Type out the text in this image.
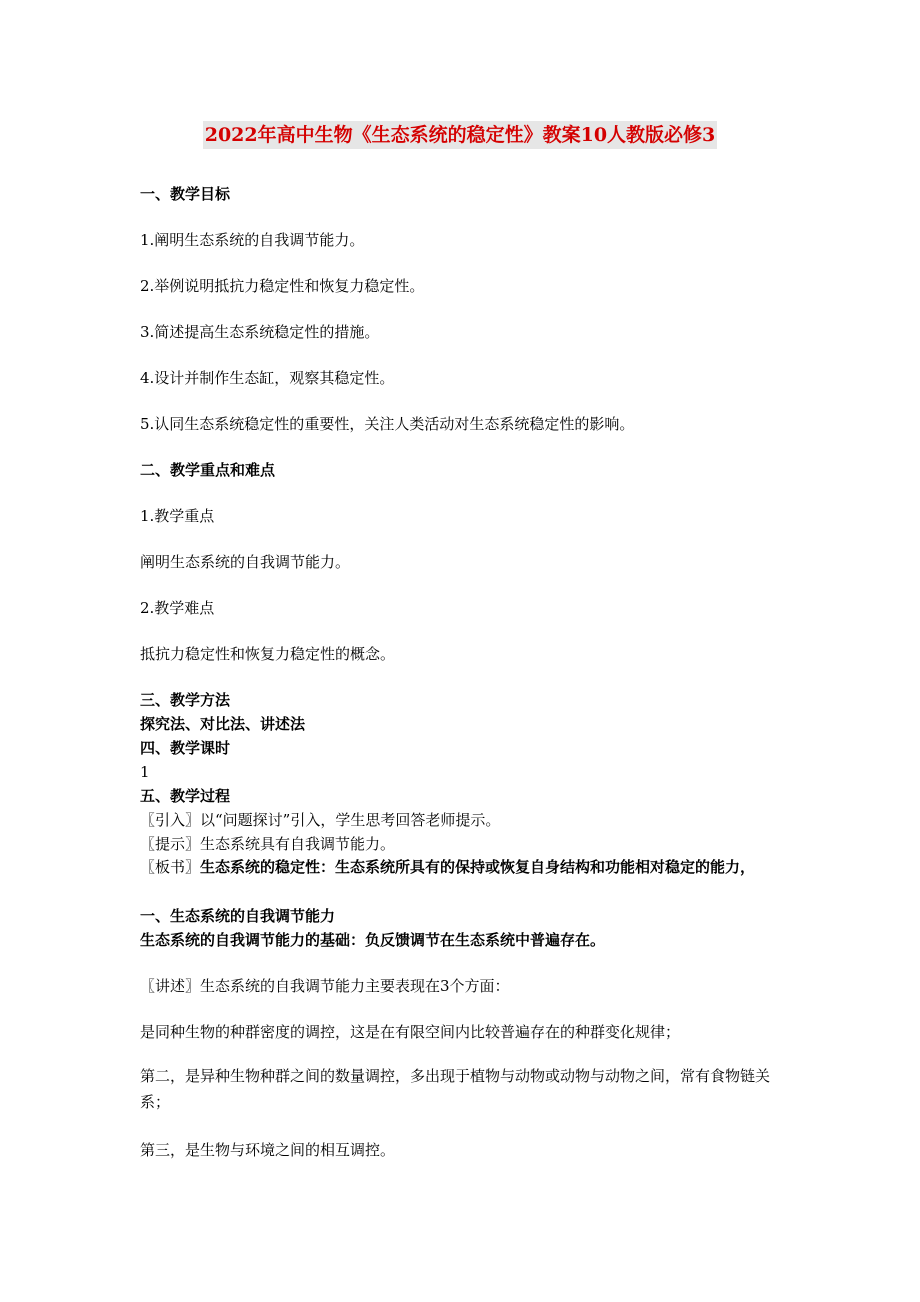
2022年高中生物《生态系统的稳定性》教案10人教版必修3
一、教学目标
1.阐明生态系统的自我调节能力。
2.举例说明抵抗力稳定性和恢复力稳定性。
3.简述提高生态系统稳定性的措施。
4.设计并制作生态缸，观察其稳定性。
5.认同生态系统稳定性的重要性，关注人类活动对生态系统稳定性的影响。
二、教学重点和难点
1.教学重点
阐明生态系统的自我调节能力。
2.教学难点
抵抗力稳定性和恢复力稳定性的概念。
三、教学方法
探究法、对比法、讲述法
四、教学课时
1
五、教学过程
〖引入〗以“问题探讨”引入，学生思考回答老师提示。
〖提示〗生态系统具有自我调节能力。
〖板书〗生态系统的稳定性：生态系统所具有的保持或恢复自身结构和功能相对稳定的能力，
一、生态系统的自我调节能力
生态系统的自我调节能力的基础：负反馈调节在生态系统中普遍存在。
〖讲述〗生态系统的自我调节能力主要表现在3个方面：
是同种生物的种群密度的调控，这是在有限空间内比较普遍存在的种群变化规律；
第二，是异种生物种群之间的数量调控，多出现于植物与动物或动物与动物之间，常有食物链关系；
第三，是生物与环境之间的相互调控。
